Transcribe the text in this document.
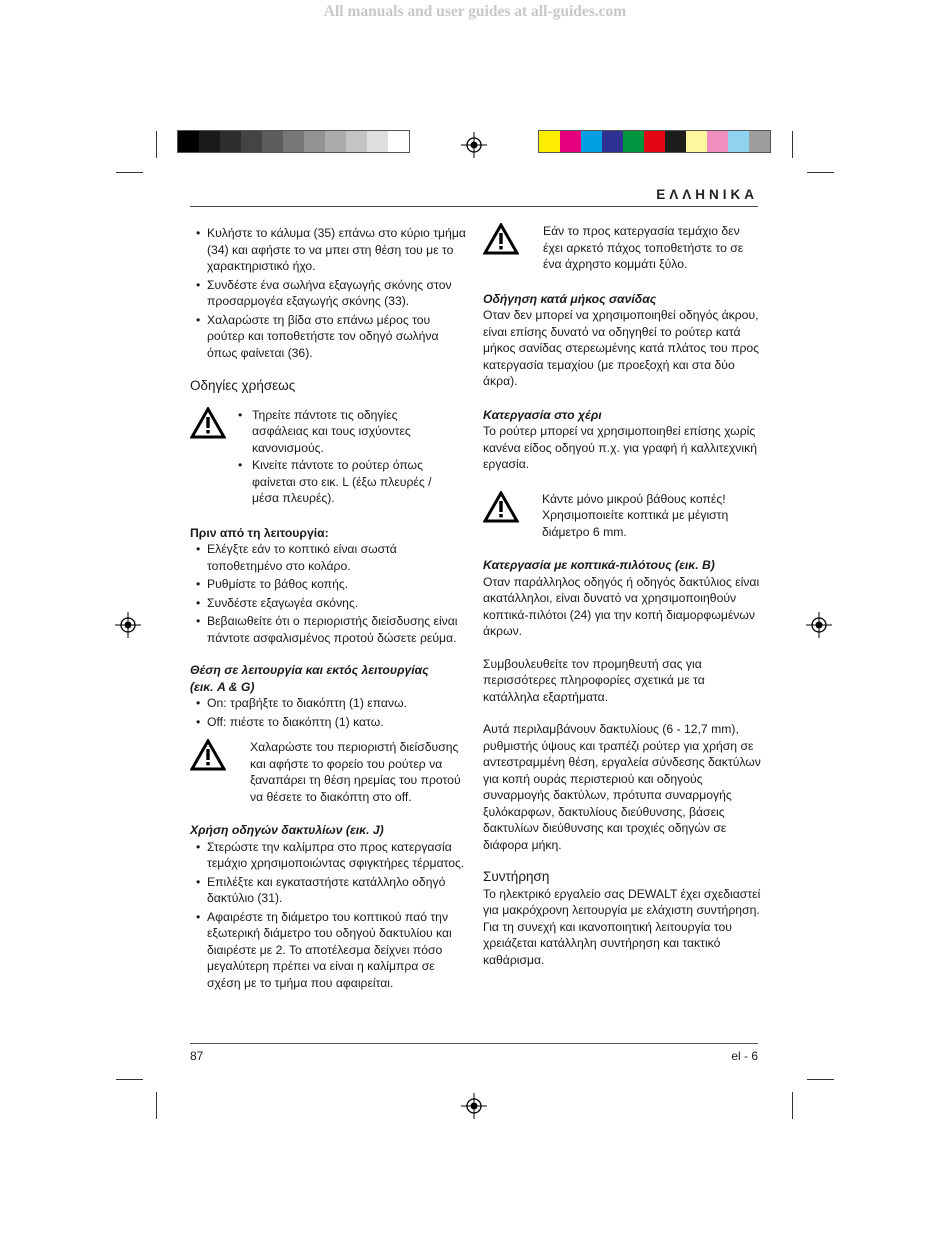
All manuals and user guides at all-guides.com
ΕΛΛΗΝΙΚΑ
• Κυλήστε το κάλυμα (35) επάνω στο κύριο τμήμα (34) και αφήστε το να μπει στη θέση του με το χαρακτηριστικό ήχο.
• Συνδέστε ένα σωλήνα εξαγωγής σκόνης στον προσαρμογέα εξαγωγής σκόνης (33).
• Χαλαρώστε τη βίδα στο επάνω μέρος του ρούτερ και τοποθετήστε τον οδηγό σωλήνα όπως φαίνεται (36).
Οδηγίες χρήσεως
• Τηρείτε πάντοτε τις οδηγίες ασφάλειας και τους ισχύοντες κανονισμούς.
• Κινείτε πάντοτε το ρούτερ όπως φαίνεται στο εικ. L (έξω πλευρές / μέσα πλευρές).

Πριν από τη λειτουργία:

• Ελέγξτε εάν το κοπτικό είναι σωστά τοποθετημένο στο κολάρο.
• Ρυθμίστε το βάθος κοπής.
• Συνδέστε εξαγωγέα σκόνης.
• Βεβαιωθείτε ότι ο περιοριστής διείσδυσης είναι πάντοτε ασφαλισμένος προτού δώσετε ρεύμα.

Θέση σε λειτουργία και εκτός λειτουργίας

(εικ. A & G)

• On: τραβήξτε το διακόπτη (1) επανω.
• Off: πιέστε το διακόπτη (1) κατω.

Χαλαρώστε του περιοριστή διείσδυσης και αφήστε το φορείο του ρούτερ να ξαναπάρει τη θέση ηρεμίας του προτού να θέσετε το διακόπτη στο off.

Χρήση οδηγών δακτυλίων (εικ. J)

• Στερώστε την καλίμπρα στο προς κατεργασία τεμάχιο χρησιμοποιώντας σφιγκτήρες τέρματος.
• Επιλέξτε και εγκαταστήστε κατάλληλο οδηγό δακτύλιο (31).
• Αφαιρέστε τη διάμετρο του κοπτικού παό την εξωτερική διάμετρο του οδηγού δακτυλίου και διαιρέστε με 2. Το αποτέλεσμα δείχνει πόσο μεγαλύτερη πρέπει να είναι η καλίμπρα σε σχέση με το τμήμα που αφαιρείται.

Εάν το προς κατεργασία τεμάχιο δεν έχει αρκετό πάχος τοποθετήστε το σε ένα άχρηστο κομμάτι ξύλο.

Οδήγηση κατά μήκος σανίδας

Οταν δεν μπορεί να χρησιμοποιηθεί οδηγός άκρου, είναι επίσης δυνατό να οδηγηθεί το ρούτερ κατά μήκος σανίδας στερεωμένης κατά πλάτος του προς κατεργασία τεμαχίου (με προεξοχή και στα δύο άκρα).

Κατεργασία στο χέρι

Το ρούτερ μπορεί να χρησιμοποιηθεί επίσης χωρίς κανένα είδος οδηγού π.χ. για γραφή ή καλλιτεχνική εργασία.

Κάντε μόνο μικρού βάθους κοπές! Χρησιμοποιείτε κοπτικά με μέγιστη διάμετρο 6 mm.

Κατεργασία με κοπτικά-πιλότους (εικ. B)

Οταν παράλληλος οδηγός ή οδηγός δακτύλιος είναι ακατάλληλοι, είναι δυνατό να χρησιμοποιηθούν κοπτικά-πιλότοι (24) για την κοπή διαμορφωμένων άκρων.

Συμβουλευθείτε τον προμηθευτή σας για περισσότερες πληροφορίες σχετικά με τα κατάλληλα εξαρτήματα.

Αυτά περιλαμβάνουν δακτυλίους (6 - 12,7 mm), ρυθμιστής ύψους και τραπέζι ρούτερ για χρήση σε αντεστραμμένη θέση, εργαλεία σύνδεσης δακτύλων για κοπή ουράς περιστεριού και οδηγούς συναρμογής δακτύλων, πρότυπα συναρμογής ξυλόκαρφων, δακτυλίους διεύθυνσης, βάσεις δακτυλίων διεύθυνσης και τροχιές οδηγών σε διάφορα μήκη.

Συντήρηση

Το ηλεκτρικό εργαλείο σας DEWALT έχει σχεδιαστεί για μακρόχρονη λειτουργία με ελάχιστη συντήρηση. Για τη συνεχή και ικανοποιητική λειτουργία του χρειάζεται κατάλληλη συντήρηση και τακτικό καθάρισμα.

87	el - 6
